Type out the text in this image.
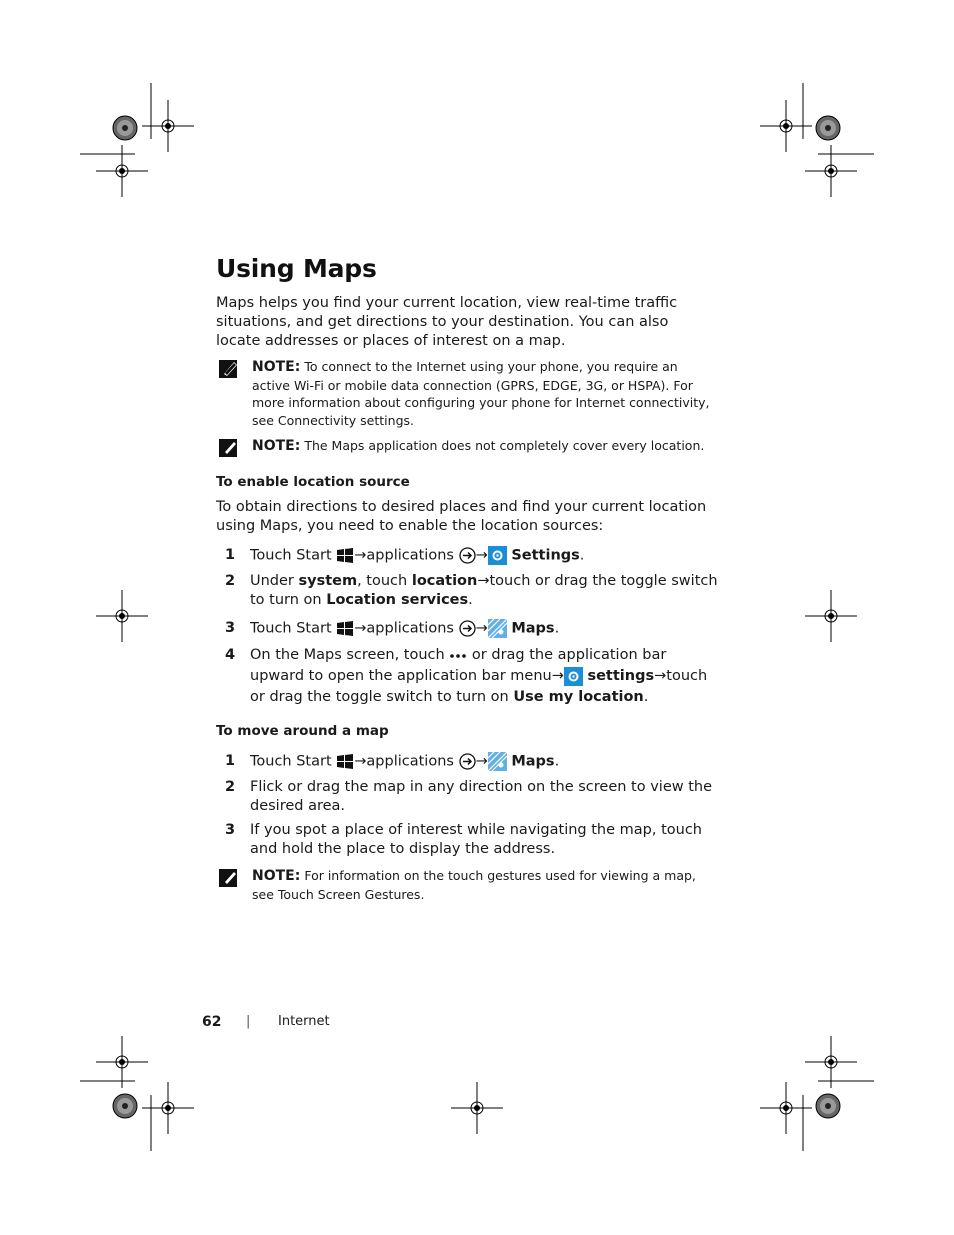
Using Maps
Maps helps you find your current location, view real-time traffic situations, and get directions to your destination. You can also locate addresses or places of interest on a map.
NOTE: To connect to the Internet using your phone, you require an active Wi-Fi or mobile data connection (GPRS, EDGE, 3G, or HSPA). For more information about configuring your phone for Internet connectivity, see Connectivity settings.
NOTE: The Maps application does not completely cover every location.
To enable location source
To obtain directions to desired places and find your current location using Maps, you need to enable the location sources:
1 Touch Start →applications → Settings.
2 Under system, touch location→touch or drag the toggle switch to turn on Location services.
3 Touch Start →applications → Maps.
4 On the Maps screen, touch  or drag the application bar upward to open the application bar menu→ settings→touch or drag the toggle switch to turn on Use my location.
To move around a map
1 Touch Start →applications → Maps.
2 Flick or drag the map in any direction on the screen to view the desired area.
3 If you spot a place of interest while navigating the map, touch and hold the place to display the address.
NOTE: For information on the touch gestures used for viewing a map, see Touch Screen Gestures.
62 | Internet
